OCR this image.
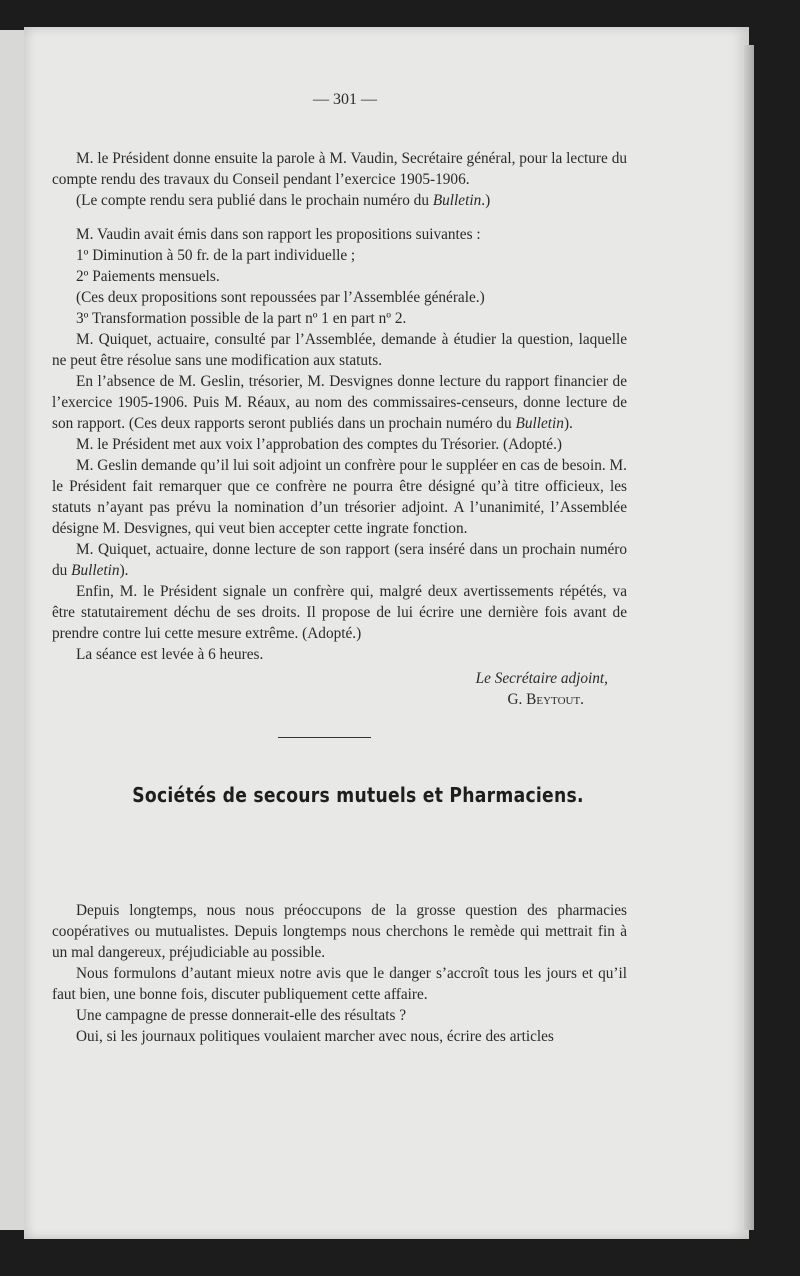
— 301 —

M. le Président donne ensuite la parole à M. Vaudin, Secrétaire général, pour la lecture du compte rendu des travaux du Conseil pendant l’exercice 1905-1906.

(Le compte rendu sera publié dans le prochain numéro du Bulletin.)

M. Vaudin avait émis dans son rapport les propositions suivantes :

1º Diminution à 50 fr. de la part individuelle ;

2º Paiements mensuels.

(Ces deux propositions sont repoussées par l’Assemblée générale.)

3º Transformation possible de la part nº 1 en part nº 2.

M. Quiquet, actuaire, consulté par l’Assemblée, demande à étudier la question, laquelle ne peut être résolue sans une modification aux statuts.

En l’absence de M. Geslin, trésorier, M. Desvignes donne lecture du rapport financier de l’exercice 1905-1906. Puis M. Réaux, au nom des commissaires-censeurs, donne lecture de son rapport. (Ces deux rapports seront publiés dans un prochain numéro du Bulletin).

M. le Président met aux voix l’approbation des comptes du Trésorier. (Adopté.)

M. Geslin demande qu’il lui soit adjoint un confrère pour le suppléer en cas de besoin. M. le Président fait remarquer que ce confrère ne pourra être désigné qu’à titre officieux, les statuts n’ayant pas prévu la nomination d’un trésorier adjoint. A l’unanimité, l’Assemblée désigne M. Desvignes, qui veut bien accepter cette ingrate fonction.

M. Quiquet, actuaire, donne lecture de son rapport (sera inséré dans un prochain numéro du Bulletin).

Enfin, M. le Président signale un confrère qui, malgré deux avertissements répétés, va être statutairement déchu de ses droits. Il propose de lui écrire une dernière fois avant de prendre contre lui cette mesure extrême. (Adopté.)

La séance est levée à 6 heures.

Le Secrétaire adjoint,
G. Beytout.
Sociétés de secours mutuels et Pharmaciens.

Depuis longtemps, nous nous préoccupons de la grosse question des pharmacies coopératives ou mutualistes. Depuis longtemps nous cherchons le remède qui mettrait fin à un mal dangereux, préjudiciable au possible.

Nous formulons d’autant mieux notre avis que le danger s’accroît tous les jours et qu’il faut bien, une bonne fois, discuter publiquement cette affaire.

Une campagne de presse donnerait-elle des résultats ?

Oui, si les journaux politiques voulaient marcher avec nous, écrire des articles
